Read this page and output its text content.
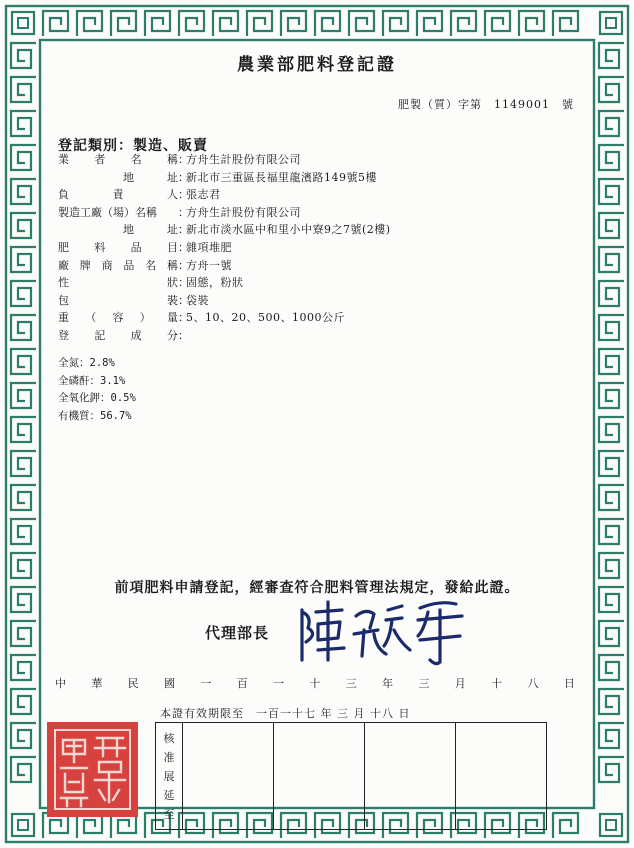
農業部肥料登記證
肥製（質）字第　1149001　號
登記類別：製造、販賣
業 者 名 稱 ：
方舟生計股份有限公司
地　　　址 ：
新北市三重區長福里龍濱路149號5樓
負	責	人 ：
張志君
製造工廠（場）名稱	：
方舟生計股份有限公司
地　　　址 ：
新北市淡水區中和里小中寮9之7號(2樓)
肥 料 品 目 ：
雜項堆肥
廠 牌 商 品 名 稱 ：
方舟一號
性	狀 ：
固態，粉狀
包	裝 ：
袋裝
重 （ 容 ） 量 ：
5、10、20、500、1000公斤
登 記 成 分 ：
全氮：2.8%
全磷酐：3.1%
全氧化鉀：0.5%
有機質：56.7%
前項肥料申請登記，經審查符合肥料管理法規定，發給此證。
代理部長
中 華 民 國 一 百 一 十 三 年 三 月 十 八 日
本證有效期限至　一百一十七 年 三 月 十八 日
核
准
展
延
至
